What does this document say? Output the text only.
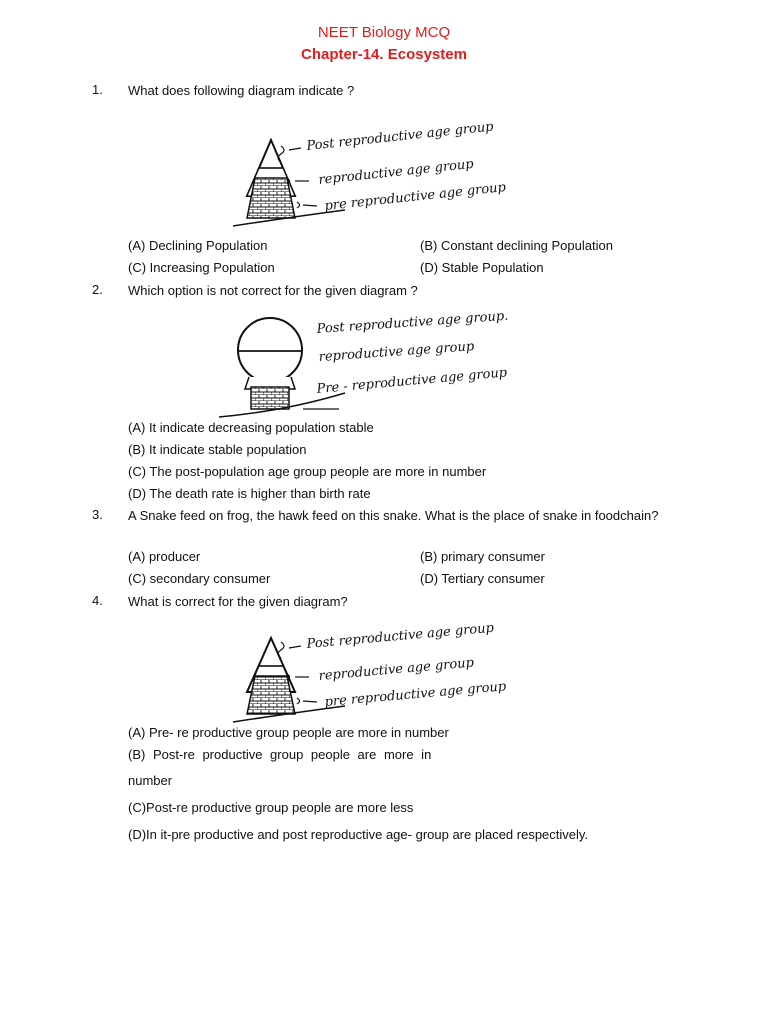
NEET Biology MCQ
Chapter-14. Ecosystem
1. What does following diagram indicate ?
Post reproductive age group
reproductive age group
pre reproductive age group
(A) Declining Population	(B) Constant declining Population
(C) Increasing Population	(D) Stable Population
2. Which option is not correct for the given diagram ?
Post reproductive age group.
reproductive age group
Pre - reproductive age group
(A) It indicate decreasing population stable
(B) It indicate stable population
(C) The post-population age group people are more in number
(D) The death rate is higher than birth rate
3. A Snake feed on frog, the hawk feed on this snake. What is the place of snake in foodchain?
(A) producer	(B) primary consumer
(C) secondary consumer	(D) Tertiary consumer
4. What is correct for the given diagram?
Post reproductive age group
reproductive age group
pre reproductive age group
(A) Pre- re productive group people are more in number
(B) Post-re productive group people are more in
number
(C)Post-re productive group people are more less
(D)In it-pre productive and post reproductive age- group are placed respectively.
